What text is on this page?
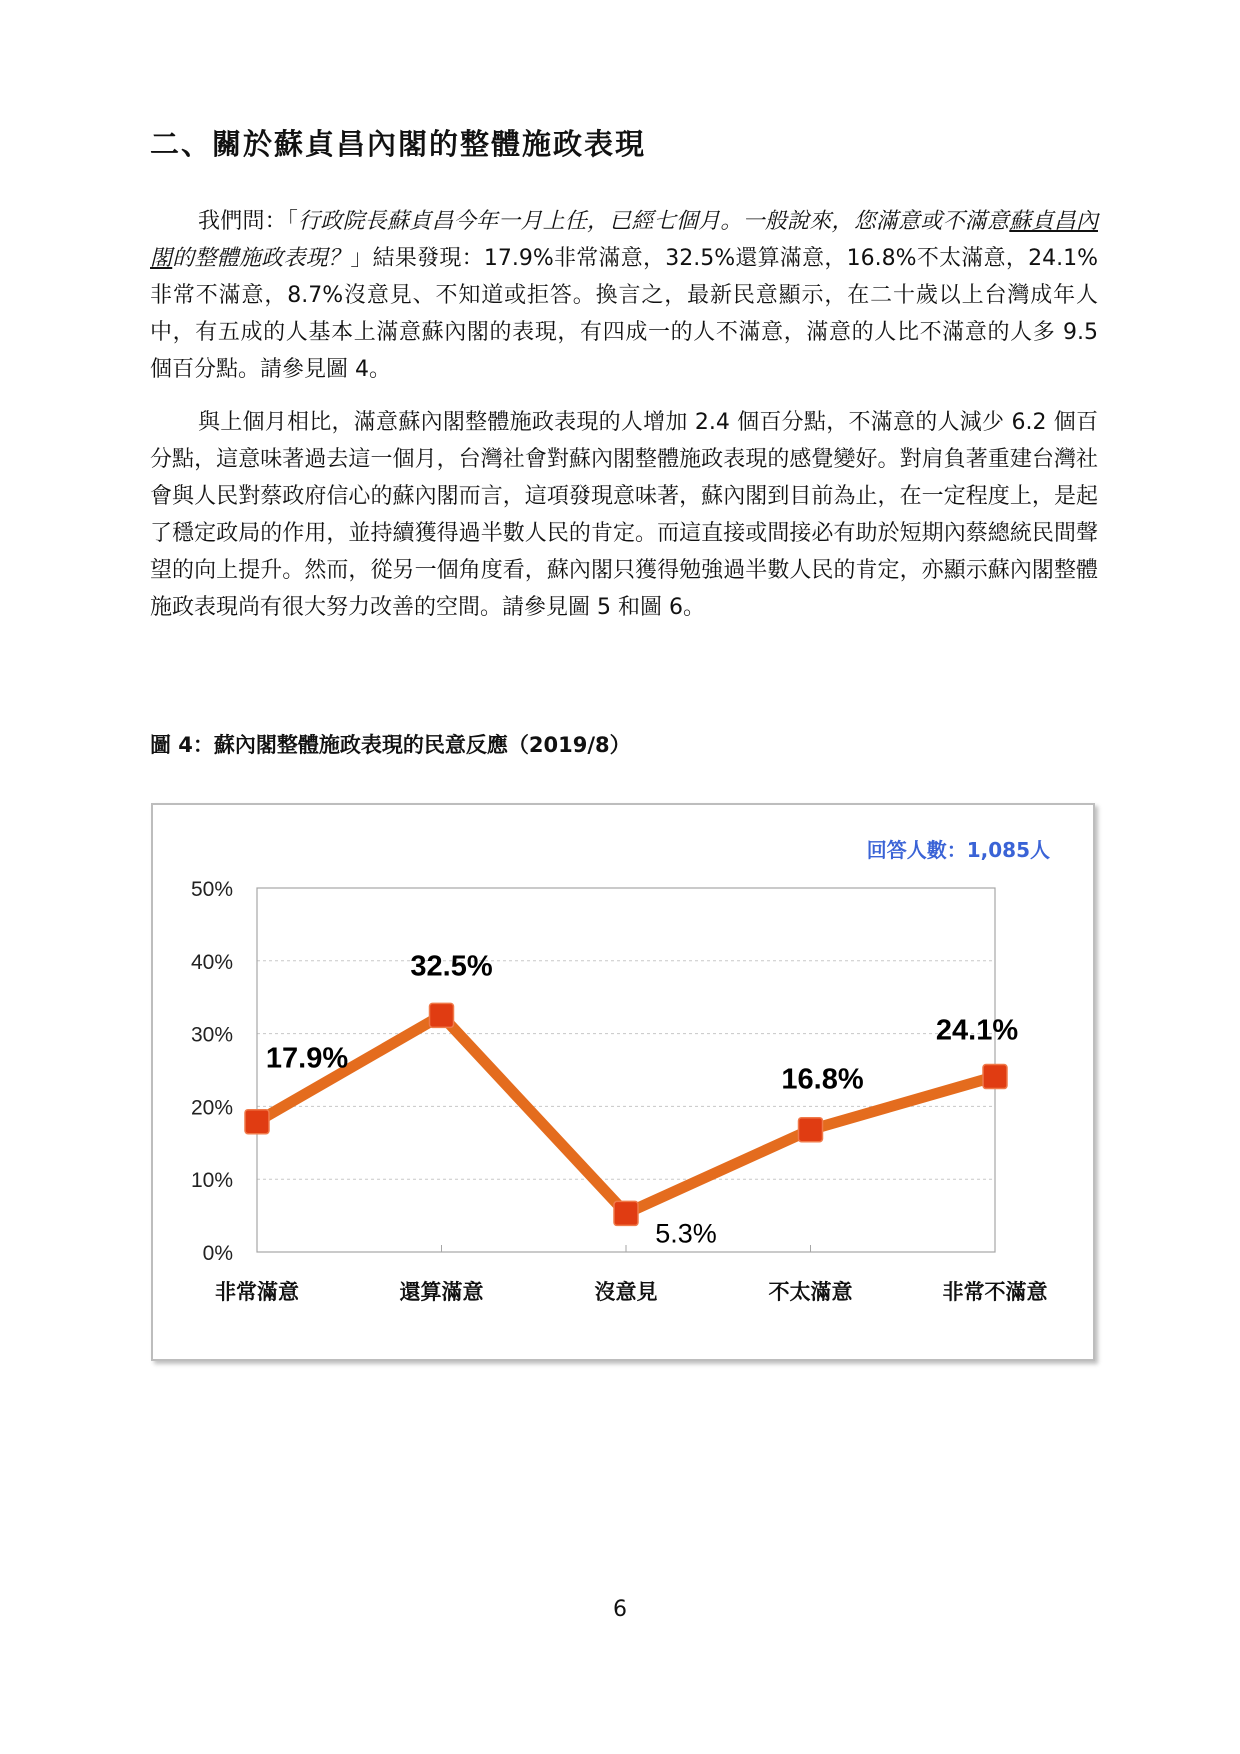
二、關於蘇貞昌內閣的整體施政表現

我們問：「行政院長蘇貞昌今年一月上任，已經七個月。一般說來，您滿意或不滿意蘇貞昌內閣的整體施政表現？」結果發現：17.9%非常滿意，32.5%還算滿意，16.8%不太滿意，24.1%非常不滿意，8.7%沒意見、不知道或拒答。換言之，最新民意顯示，在二十歲以上台灣成年人中，有五成的人基本上滿意蘇內閣的表現，有四成一的人不滿意，滿意的人比不滿意的人多 9.5 個百分點。請參見圖 4。

與上個月相比，滿意蘇內閣整體施政表現的人增加 2.4 個百分點，不滿意的人減少 6.2 個百分點，這意味著過去這一個月，台灣社會對蘇內閣整體施政表現的感覺變好。對肩負著重建台灣社會與人民對蔡政府信心的蘇內閣而言，這項發現意味著，蘇內閣到目前為止，在一定程度上，是起了穩定政局的作用，並持續獲得過半數人民的肯定。而這直接或間接必有助於短期內蔡總統民間聲望的向上提升。然而，從另一個角度看，蘇內閣只獲得勉強過半數人民的肯定，亦顯示蘇內閣整體施政表現尚有很大努力改善的空間。請參見圖 5 和圖 6。

圖 4：蘇內閣整體施政表現的民意反應（2019/8）

0%
10%
20%
30%
40%
50%
非常滿意	還算滿意	沒意見	不太滿意	非常不滿意
17.9%
32.5%
5.3%
16.8%
24.1%
回答人數：1,085人

6
